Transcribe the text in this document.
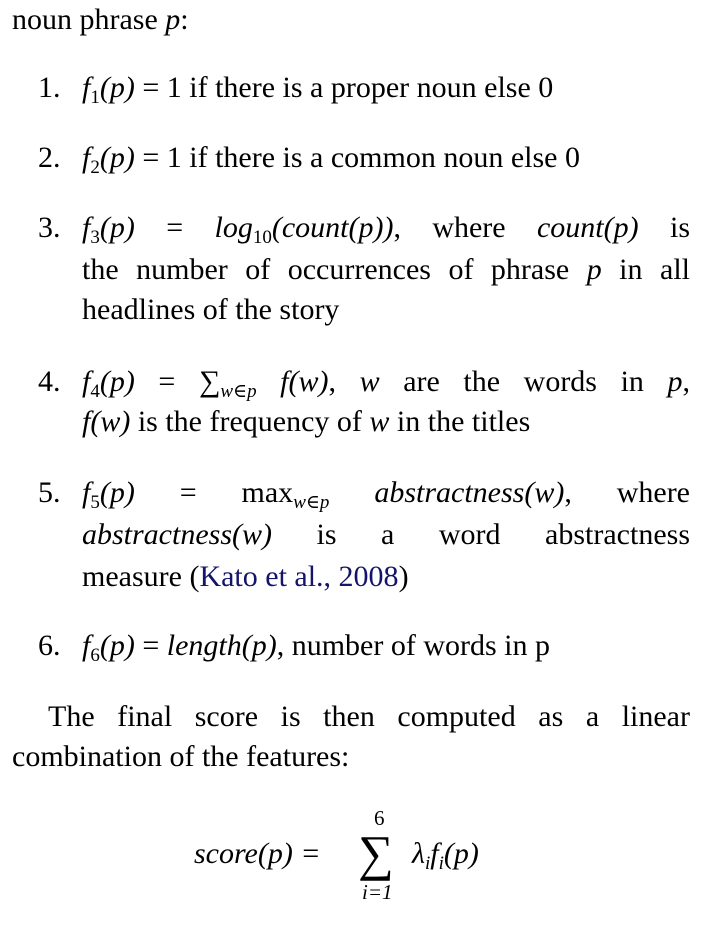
noun phrase p:
1. $f_1(p) = 1$ if there is a proper noun else 0
2. $f_2(p) = 1$ if there is a common noun else 0
3. $f_3(p)$ = $\log_{10}(count(p))$, where count(p) is
the number of occurrences of phrase p in all
headlines of the story
4. $f_4(p) = \sum_{w\in p}$ f(w), w are the words in p,
f(w) is the frequency of w in the titles
5. $f_5(p) = \max_{w\in p}$ abstractness(w), where
abstractness(w) is a word abstractness
measure (Kato et al., 2008)
6. $f_6(p)$ = length(p), number of words in p
The final score is then computed as a linear
combination of the features:
score(p) =
6
∑
i=1
$\lambda_if_i(p)$
